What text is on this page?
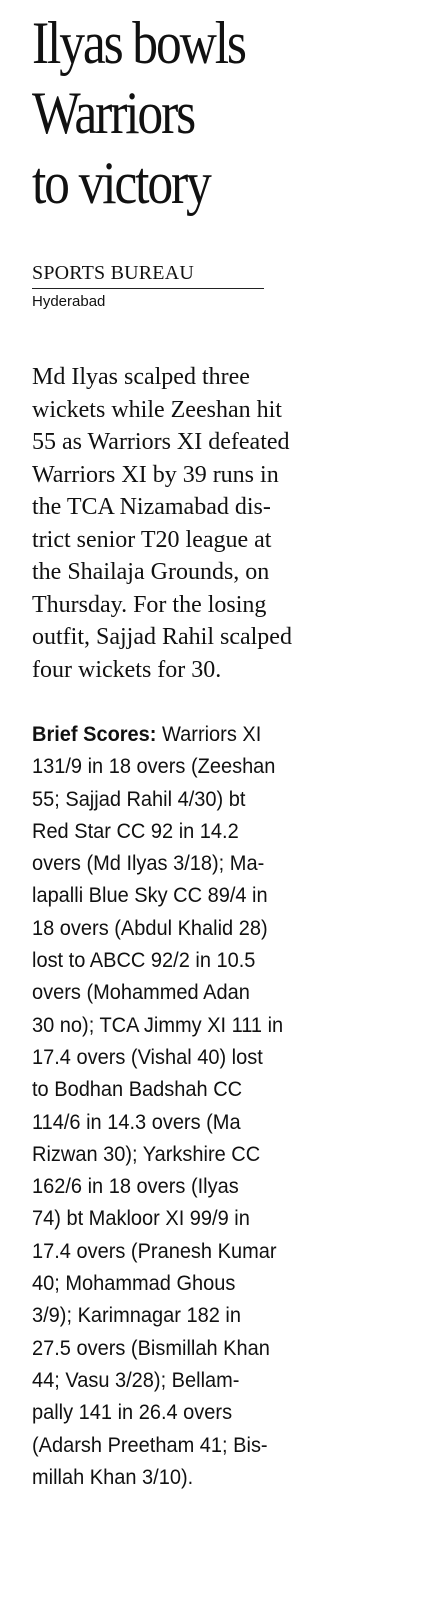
Ilyas bowls
Warriors
to victory
SPORTS BUREAU
Hyderabad
Md Ilyas scalped three
wickets while Zeeshan hit
55 as Warriors XI defeated
Warriors XI by 39 runs in
the TCA Nizamabad dis-
trict senior T20 league at
the Shailaja Grounds, on
Thursday. For the losing
outfit, Sajjad Rahil scalped
four wickets for 30.
Brief Scores: Warriors XI
131/9 in 18 overs (Zeeshan
55; Sajjad Rahil 4/30) bt
Red Star CC 92 in 14.2
overs (Md Ilyas 3/18); Ma-
lapalli Blue Sky CC 89/4 in
18 overs (Abdul Khalid 28)
lost to ABCC 92/2 in 10.5
overs (Mohammed Adan
30 no); TCA Jimmy XI 111 in
17.4 overs (Vishal 40) lost
to Bodhan Badshah CC
114/6 in 14.3 overs (Ma
Rizwan 30); Yarkshire CC
162/6 in 18 overs (Ilyas
74) bt Makloor XI 99/9 in
17.4 overs (Pranesh Kumar
40; Mohammad Ghous
3/9); Karimnagar 182 in
27.5 overs (Bismillah Khan
44; Vasu 3/28); Bellam-
pally 141 in 26.4 overs
(Adarsh Preetham 41; Bis-
millah Khan 3/10).
